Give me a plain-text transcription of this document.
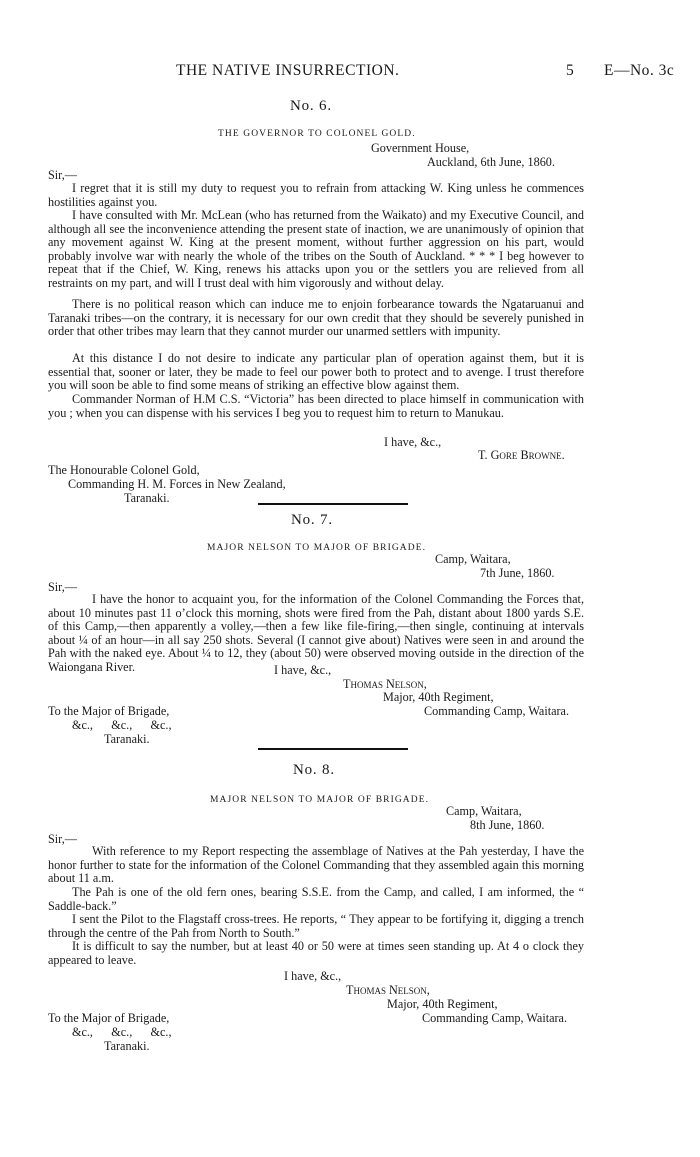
THE NATIVE INSURRECTION.	5 E—No. 3c
No. 6.
THE GOVERNOR TO COLONEL GOLD.
Government House,
Auckland, 6th June, 1860.
Sir,—

I regret that it is still my duty to request you to refrain from attacking W. King unless he commences hostilities against you.

I have consulted with Mr. McLean (who has returned from the Waikato) and my Executive Council, and although all see the inconvenience attending the present state of inaction, we are unanimously of opinion that any movement against W. King at the present moment, without further aggression on his part, would probably involve war with nearly the whole of the tribes on the South of Auckland. * * * I beg however to repeat that if the Chief, W. King, renews his attacks upon you or the settlers you are relieved from all restraints on my part, and will I trust deal with him vigorously and without delay.

There is no political reason which can induce me to enjoin forbearance towards the Ngataruanui and Taranaki tribes—on the contrary, it is necessary for our own credit that they should be severely punished in order that other tribes may learn that they cannot murder our unarmed settlers with impunity.

At this distance I do not desire to indicate any particular plan of operation against them, but it is essential that, sooner or later, they be made to feel our power both to protect and to avenge. I trust therefore you will soon be able to find some means of striking an effective blow against them.

Commander Norman of H.M C.S. “Victoria” has been directed to place himself in communication with you ; when you can dispense with his services I beg you to request him to return to Manukau.

I have, &c.,
T. Gore Browne.
The Honourable Colonel Gold,
Commanding H. M. Forces in New Zealand,
Taranaki.
No. 7.
MAJOR NELSON TO MAJOR OF BRIGADE.
Camp, Waitara,
7th June, 1860.
Sir,—

I have the honor to acquaint you, for the information of the Colonel Commanding the Forces that, about 10 minutes past 11 o’clock this morning, shots were fired from the Pah, distant about 1800 yards S.E. of this Camp,—then apparently a volley,—then a few like file-firing,—then single, continuing at intervals about ¼ of an hour—in all say 250 shots. Several (I cannot give about) Natives were seen in and around the Pah with the naked eye. About ¼ to 12, they (about 50) were observed moving outside in the direction of the Waiongana River.	I have, &c.,
Thomas Nelson,
Major, 40th Regiment,
Commanding Camp, Waitara.
To the Major of Brigade,
&c.,      &c.,      &c.,
Taranaki.
No. 8.
MAJOR NELSON TO MAJOR OF BRIGADE.
Camp, Waitara,
8th June, 1860.
Sir,—

With reference to my Report respecting the assemblage of Natives at the Pah yesterday, I have the honor further to state for the information of the Colonel Commanding that they assembled again this morning about 11 a.m.

The Pah is one of the old fern ones, bearing S.S.E. from the Camp, and called, I am informed, the “ Saddle-back.”

I sent the Pilot to the Flagstaff cross-trees. He reports, “ They appear to be fortifying it, digging a trench through the centre of the Pah from North to South.”

It is difficult to say the number, but at least 40 or 50 were at times seen standing up. At 4 o clock they appeared to leave.

I have, &c.,
Thomas Nelson,
Major, 40th Regiment,
Commanding Camp, Waitara.
To the Major of Brigade,
&c.,      &c.,      &c.,
Taranaki.
